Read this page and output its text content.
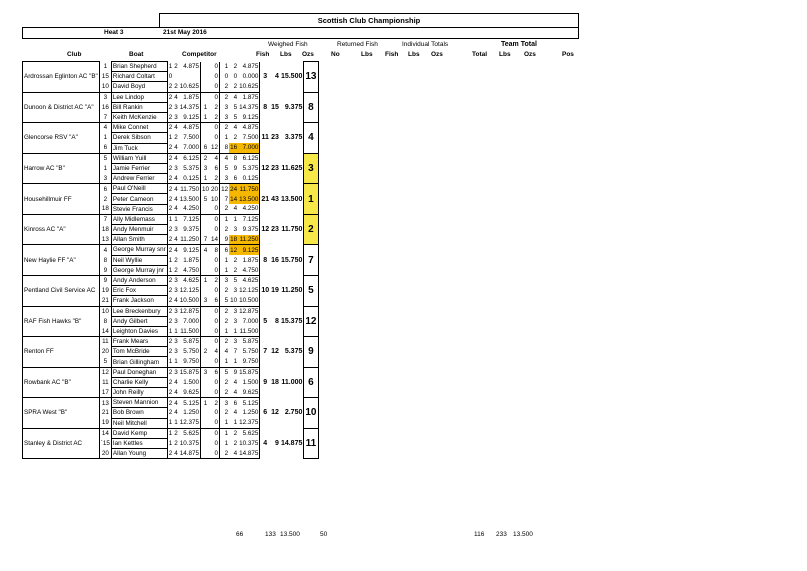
Scottish Club Championship
Heat 3	21st May 2016
Weighed Fish	Returned Fish	Individual Totals	Team Total
Club	Boat	Competitor	Fish Lbs Ozs	No	Lbs Fish Lbs Ozs	Total Lbs Ozs	Pos
Ardrossan Eglinton AC "B"	1	Brian Shepherd	1	2	4.875		0	1	2	4.875	3	4	15.500	13
	15	Richard Coltart	0				0	0	0	0.000				
	10	David Boyd	2	2	10.625		0	2	2	10.625				
Dunoon & District AC "A"	3	Lee Lindop	2	4	1.875		0	2	4	1.875	8	15	9.375	8
	16	Bill Rankin	2	3	14.375	1	2	3	5	14.375				
	7	Keith McKenzie	2	3	9.125	1	2	3	5	9.125				
Glencorse RSV "A"	4	Mike Connet	2	4	4.875		0	2	4	4.875	11	23	3.375	4
	1	Derek Sibson	1	2	7.500		0	1	2	7.500				
	6	Jim Tuck	2	4	7.000	6	12	8	16	7.000				
Harrow AC "B"	5	William Yuill	2	4	6.125	2	4	4	8	6.125	12	23	11.625	3
	1	Jamie Ferrier	2	3	5.375	3	6	5	9	5.375				
	3	Andrew Ferrier	2	4	0.125	1	2	3	6	0.125				
Househillmuir FF	6	Paul O'Neill	2	4	11.750	10	20	12	24	11.750	21	43	13.500	1
	2	Peter Cameon	2	4	13.500	5	10	7	14	13.500				
	18	Stevie Francis	2	4	4.250		0	2	4	4.250				
Kinross AC "A"	7	Ally Midlemass	1	1	7.125		0	1	1	7.125	12	23	11.750	2
	18	Andy Menmuir	2	3	9.375		0	2	3	9.375				
	13	Allan Smith	2	4	11.250	7	14	9	18	11.250				
New Haylie FF "A"	4	George Murray snr	2	4	9.125	4	8	6	12	9.125	8	16	15.750	7
	8	Neil Wyllie	1	2	1.875		0	1	2	1.875				
	9	George Murray jnr	1	2	4.750		0	1	2	4.750				
Pentland Civil Service AC	9	Andy Anderson	2	3	4.625	1	2	3	5	4.625	10	19	11.250	5
	19	Eric Fox	2	3	12.125		0	2	3	12.125				
	21	Frank Jackson	2	4	10.500	3	6	5	10	10.500				
RAF Fish Hawks "B"	10	Lee Breckenbury	2	3	12.875		0	2	3	12.875	5	8	15.375	12
	8	Andy Gilbert	2	3	7.000		0	2	3	7.000				
	14	Leighton Davies	1	1	11.500		0	1	1	11.500				
Renton FF	11	Frank Mears	2	3	5.875		0	2	3	5.875	7	12	5.375	9
	20	Tom McBride	2	3	5.750	2	4	4	7	5.750				
	5	Brian Gillingham	1	1	9.750		0	1	1	9.750				
Rowbank AC "B"	12	Paul Doneghan	2	3	15.875	3	6	5	9	15.875	9	18	11.000	6
	11	Charlie Kelly	2	4	1.500		0	2	4	1.500				
	17	John Reilly	2	4	9.625		0	2	4	9.625				
SPRA West "B"	13	Steven Mannion	2	4	5.125	1	2	3	6	5.125	6	12	2.750	10
	21	Bob Brown	2	4	1.250		0	2	4	1.250				
	19	Neil Mitchell	1	1	12.375		0	1	1	12.375				
Stanley & District AC	14	David Kemp	1	2	5.625		0	1	2	5.625	4	9	14.875	11
	`15	Ian Kettles	1	2	10.375		0	1	2	10.375				
	20	Allan Young	2	4	14.875		0	2	4	14.875				
66	133 13.500	50	116 233 13.500
